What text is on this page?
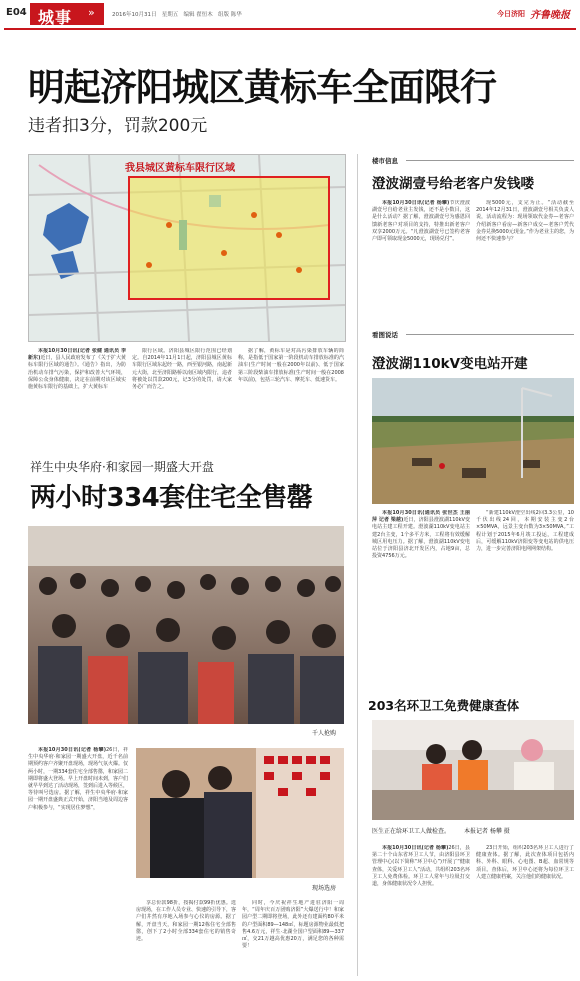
E04 城事 »	2016年10月31日 星期五 编辑 翟恒木 组版 陈华	今日济阳 齐鲁晚报
明起济阳城区黄标车全面限行
违者扣3分，罚款200元
我县城区黄标车限行区域

本报10月30日讯(记者 张健 通讯员 李新东)近日，县人民政府发布了《关于扩大黄标车限行区域的通告》。《通告》指出，为防治机动车排气污染，保护和改善大气环境，保障公众身体健康，决定在前期对该区域实施黄标车限行的基础上，扩大黄标车

限行区域。济阳县城区限行范围已经划定。自2014年11月1日起，济阳县城区黄标车限行区域东起经一路，西至银河路，南起新元大街，北至济阳路桥以南区域内限行，违者将被处以罚款200元，记3分的处罚，请大家务必广而告之。

据了解，黄标车是对高污染排放车辆的简称，是指低于国家第一阶段机动车排放标准的汽油车(生产时间一般在2000年以前)、低于国家第三阶段柴油车排放标准(生产时间一般在2008年以前)，包括三轮汽车、摩托车、低速货车。

祥生中央华府·和家园一期盛大开盘
两小时334套住宅全售罄
千人抢购

本报10月30日讯(记者 杨攀)26日，祥生中央华府·和家园一期盛大开盘，近千名前期预约客户齐聚开盘现场，现场气氛火爆。仅两小时，一期334套住宅全部售罄，和家园二期即将盛大登场。早上开盘时间未到，客户们就早早到达了活动现场，签到后进入等候区，等待叫号选房。据了解，祥生中央华府·和家园一期开盘盛典正式开始，济阳当地及周边客户积极参与，“实现居住梦想”，

现场选房

享总价款98折，按揭付款99折优惠。选房现场，在工作人员专业、快速的引导下，客户们井然有序地入场参与心仪的房源。据了解，开盘当天，和家园一期12栋住宅全部售罄，创下了2小时全部334套住宅的销售奇迹。

同时，今庆祝祥生地产进驻济阳一周年，“周年庆百万团购济阳”大爆送行中！和家园户型二期即将登场，此外还有建面约80平米的户型面积89—148㎡，标题房源物业最低把售4.6万元，祥生·北湖全国户型面积89—337㎡，交21万越高优惠20万，满足您的各种需要！

楼市信息
澄波湖壹号给老客户发钱喽

本报10月30日讯(记者 杨攀)节庆澄波湖壹号自给老业主发钱，还不是小数目，这是什么活动？据了解，澄波湖壹号为感恩回馈新老客户对项目的支持，特推出新老客户双享2000万元。“凡澄波湖壹号已签约老客户即可领取现金5000元，现场兑付”。

现5000元，支完为止。“活动截至2014年12月31日，澄波湖壹号相关负责人说，活动流程为：现场领取代金券—老客户介绍新客户看房—新客户成交—老客户凭代金券兑换5000元现金。”作为老业主的您，为何还不快速参与？

看图说话
澄波湖110kV变电站开建

本报10月30日讯(通讯员 张世杰 王丽萍 记者 梁越)近日，济阳县澄波湖110kV变电站主建工程开建。澄波湖110kV变电站主建2台主变，1个多平方米，工程将有效缓解城区用电压力。据了解，澄波湖110kV变电站位于济阳县济北开发区内，占地9亩，总投资4756万元。

“新建110kV澄空出线2回3.3公里，10千伏出线24回，本期安装主变2台×50MVA，远景主变台数为3×50MVA。”工程计划于2015年6月竣工投运，工程建成后，可缓解110kV济阳变等变电站的供电压力，进一步完善济阳电网网架结构。

203名环卫工免费健康查体
医生正在给环卫工人做检查。 本报记者 杨攀 摄

本报10月30日讯(记者 杨攀)26日，县第二十个山东省环卫工人节，由济阳县环卫管理中心(以下简称“环卫中心”)开展了“健康查体，关爱环卫工人”活动，共组织203名环卫工人免费体检。环卫工人常年与垃圾打交道，身体健康状况令人担忧。

23日开始，组织203名环卫工人进行了健康查体。据了解，此次查体项目包括内科、外科、眼科、心电图、B超、血常规等项目。查体后，环卫中心还将为每位环卫工人建立健康档案，关注他们的健康状况。
